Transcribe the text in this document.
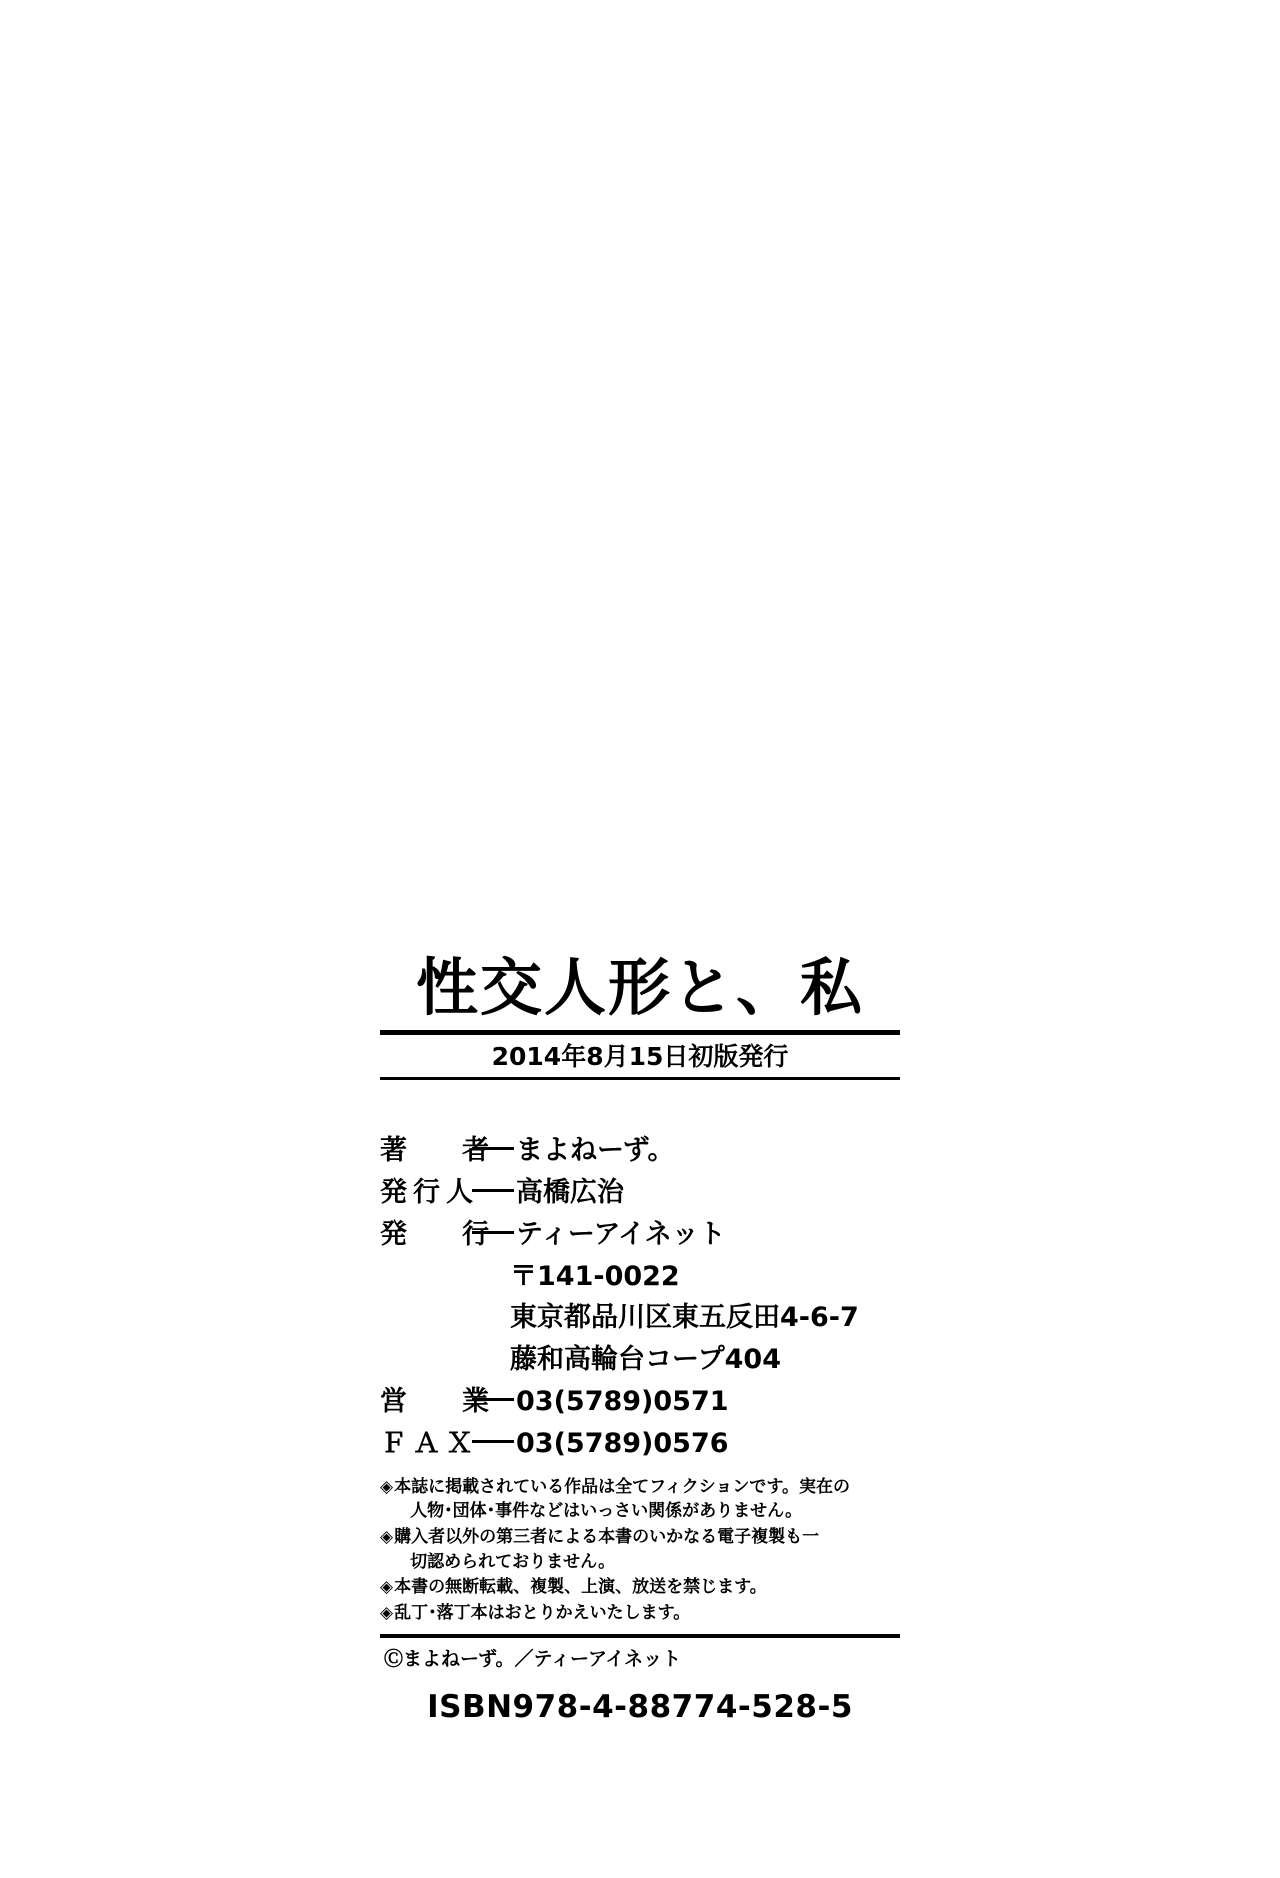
性交人形と、私
2014年8月15日初版発行
著　者 まよねーず。
発行人 高橋広治
発　行 ティーアイネット
〒141-0022
東京都品川区東五反田4-6-7
藤和高輪台コープ404
営　業 03(5789)0571
ＦＡＸ 03(5789)0576
◈ 本誌に掲載されている作品は全てフィクションです。実在の
人物･団体･事件などはいっさい関係がありません。
◈ 購入者以外の第三者による本書のいかなる電子複製も一
切認められておりません。
◈ 本書の無断転載、複製、上演、放送を禁じます。
◈ 乱丁･落丁本はおとりかえいたします。
Ⓒまよねーず。／ティーアイネット
ISBN978-4-88774-528-5
